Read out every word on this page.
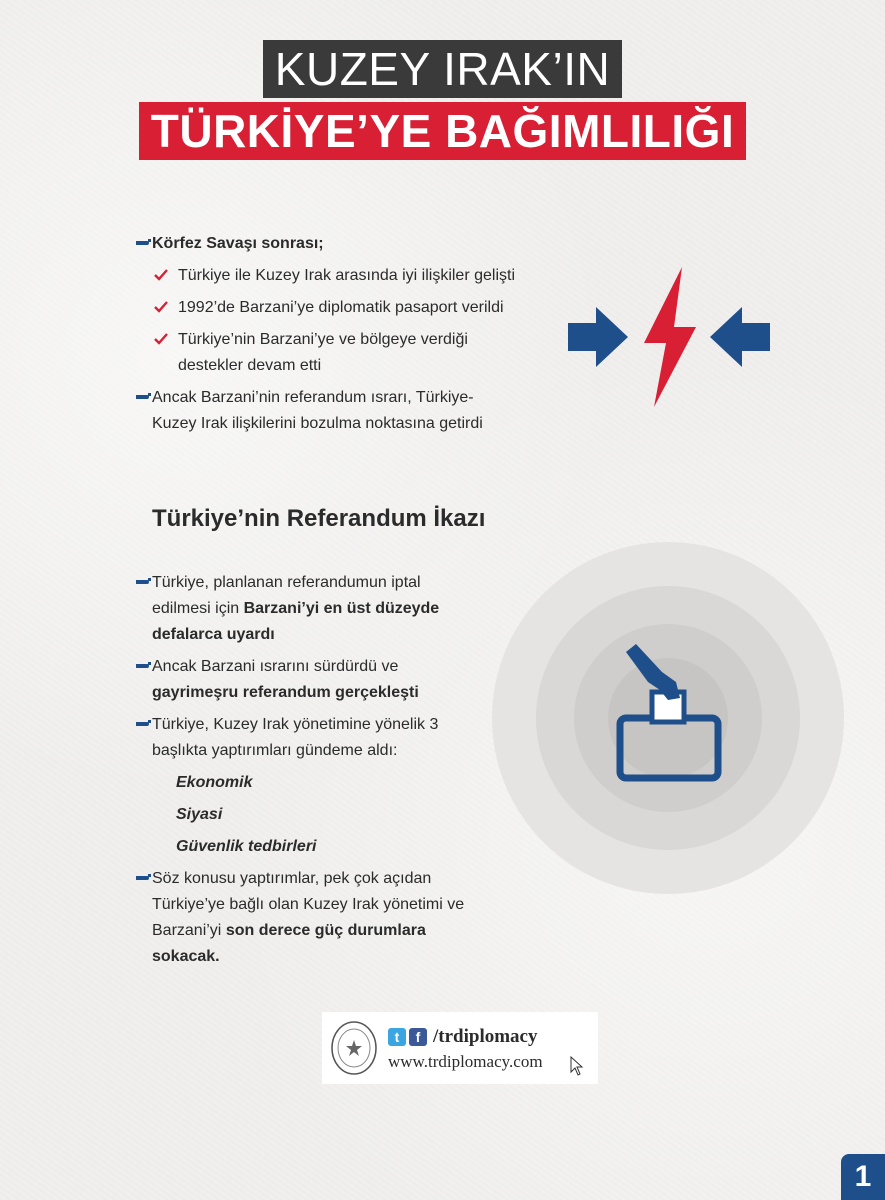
KUZEY IRAK’IN
TÜRKİYE’YE BAĞIMLILIĞI
Körfez Savaşı sonrası;
Türkiye ile Kuzey Irak arasında iyi ilişkiler gelişti
1992’de Barzani’ye diplomatik pasaport verildi
Türkiye’nin Barzani’ye ve bölgeye verdiği destekler devam etti
Ancak Barzani’nin referandum ısrarı, Türkiye-Kuzey Irak ilişkilerini bozulma noktasına getirdi
Türkiye’nin Referandum İkazı
Türkiye, planlanan referandumun iptal edilmesi için Barzani’yi en üst düzeyde defalarca uyardı
Ancak Barzani ısrarını sürdürdü ve gayrimeşru referandum gerçekleşti
Türkiye, Kuzey Irak yönetimine yönelik 3 başlıkta yaptırımları gündeme aldı:
Ekonomik
Siyasi
Güvenlik tedbirleri
Söz konusu yaptırımlar, pek çok açıdan Türkiye’ye bağlı olan Kuzey Irak yönetimi ve Barzani’yi son derece güç durumlara sokacak.
t	f /trdiplomacy
www.trdiplomacy.com
1
